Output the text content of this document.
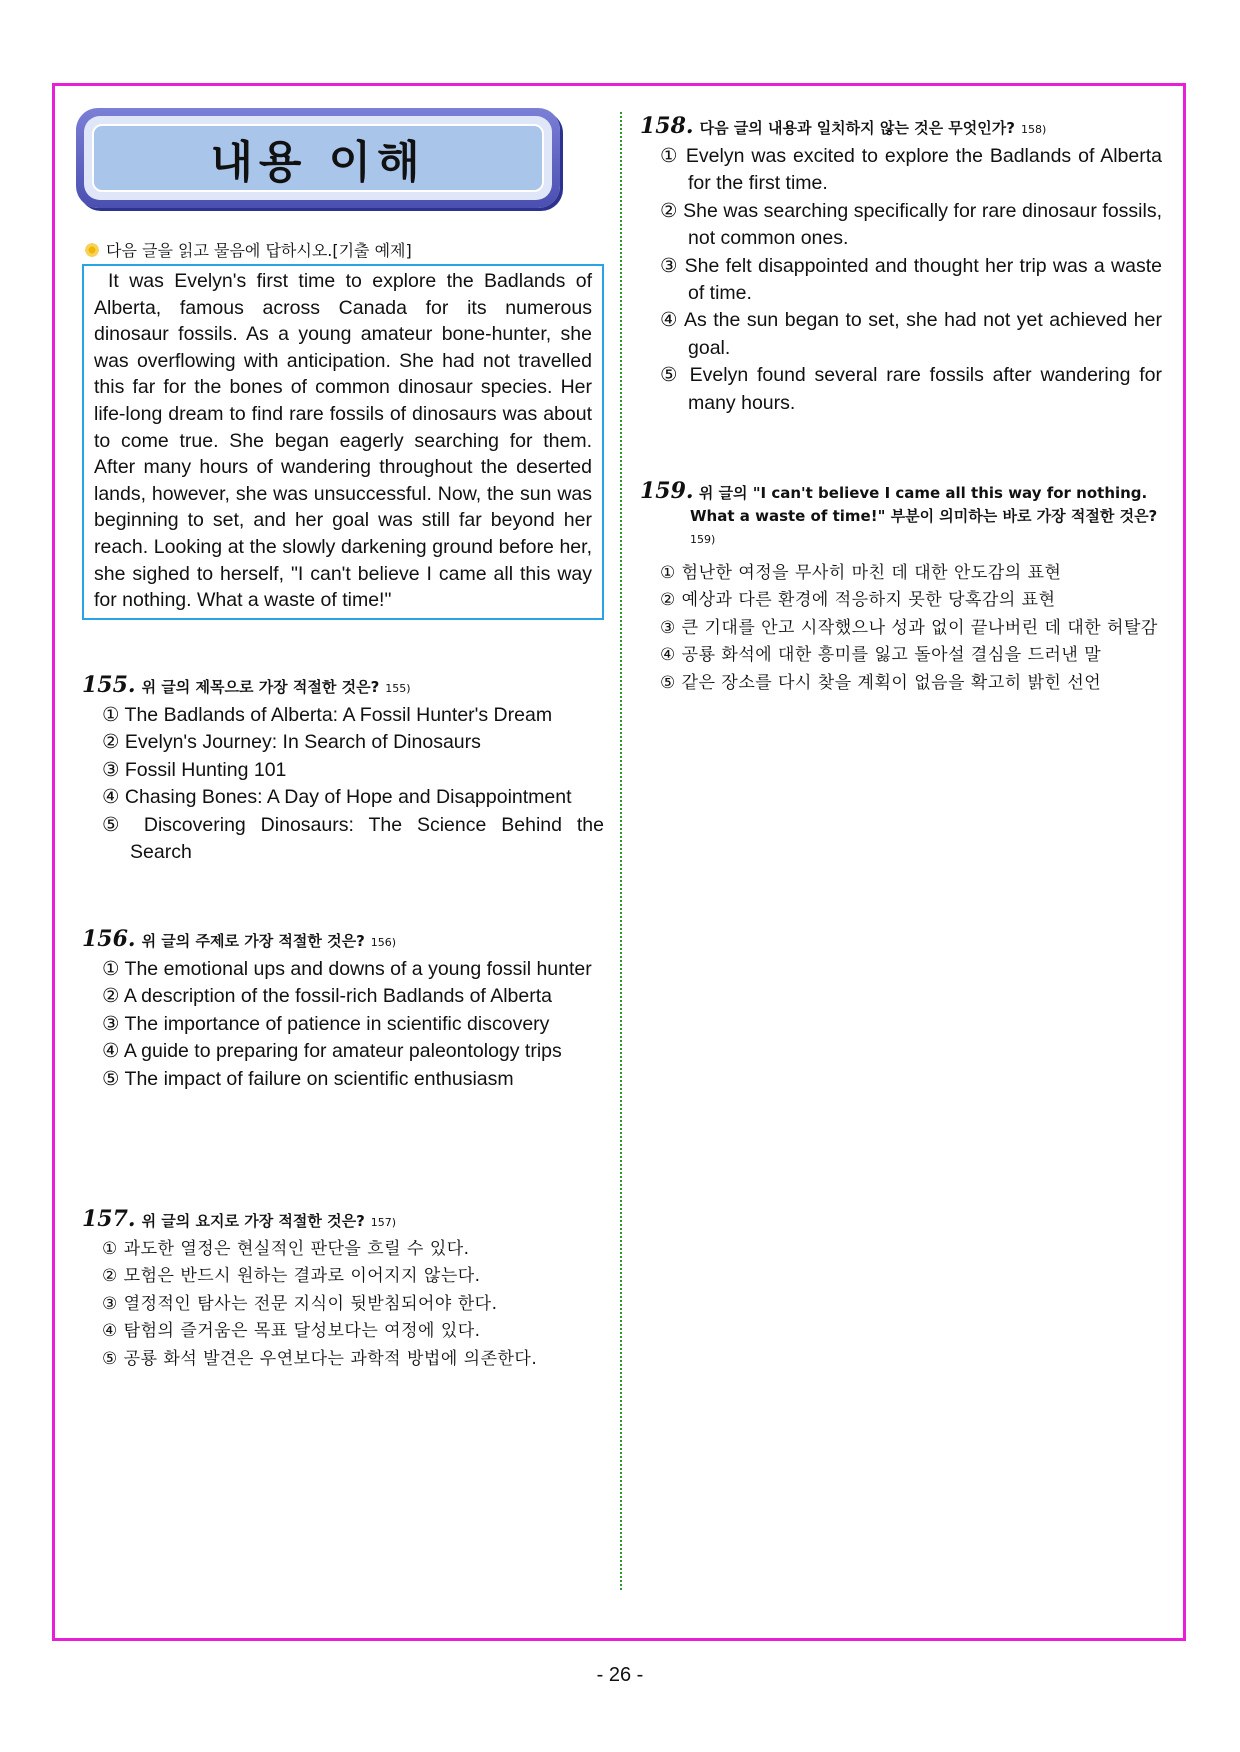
내용 이해
다음 글을 읽고 물음에 답하시오.[기출 예제]

It was Evelyn's first time to explore the Badlands of Alberta, famous across Canada for its numerous dinosaur fossils. As a young amateur bone-hunter, she was overflowing with anticipation. She had not travelled this far for the bones of common dinosaur species. Her life-long dream to find rare fossils of dinosaurs was about to come true. She began eagerly searching for them. After many hours of wandering throughout the deserted lands, however, she was unsuccessful. Now, the sun was beginning to set, and her goal was still far beyond her reach. Looking at the slowly darkening ground before her, she sighed to herself, "I can't believe I came all this way for nothing. What a waste of time!"

155. 위 글의 제목으로 가장 적절한 것은? 155)
① The Badlands of Alberta: A Fossil Hunter's Dream
② Evelyn's Journey: In Search of Dinosaurs
③ Fossil Hunting 101
④ Chasing Bones: A Day of Hope and Disappointment
⑤ Discovering Dinosaurs: The Science Behind the Search
156. 위 글의 주제로 가장 적절한 것은? 156)
① The emotional ups and downs of a young fossil hunter
② A description of the fossil-rich Badlands of Alberta
③ The importance of patience in scientific discovery
④ A guide to preparing for amateur paleontology trips
⑤ The impact of failure on scientific enthusiasm
157. 위 글의 요지로 가장 적절한 것은? 157)
① 과도한 열정은 현실적인 판단을 흐릴 수 있다.
② 모험은 반드시 원하는 결과로 이어지지 않는다.
③ 열정적인 탐사는 전문 지식이 뒷받침되어야 한다.
④ 탐험의 즐거움은 목표 달성보다는 여정에 있다.
⑤ 공룡 화석 발견은 우연보다는 과학적 방법에 의존한다.
158. 다음 글의 내용과 일치하지 않는 것은 무엇인가? 158)
① Evelyn was excited to explore the Badlands of Alberta for the first time.
② She was searching specifically for rare dinosaur fossils, not common ones.
③ She felt disappointed and thought her trip was a waste of time.
④ As the sun began to set, she had not yet achieved her goal.
⑤ Evelyn found several rare fossils after wandering for many hours.
159. 위 글의 "I can't believe I came all this way for nothing. What a waste of time!" 부분이 의미하는 바로 가장 적절한 것은?$^{159)}$
① 험난한 여정을 무사히 마친 데 대한 안도감의 표현
② 예상과 다른 환경에 적응하지 못한 당혹감의 표현
③ 큰 기대를 안고 시작했으나 성과 없이 끝나버린 데 대한 허탈감
④ 공룡 화석에 대한 흥미를 잃고 돌아설 결심을 드러낸 말
⑤ 같은 장소를 다시 찾을 계획이 없음을 확고히 밝힌 선언
- 26 -
